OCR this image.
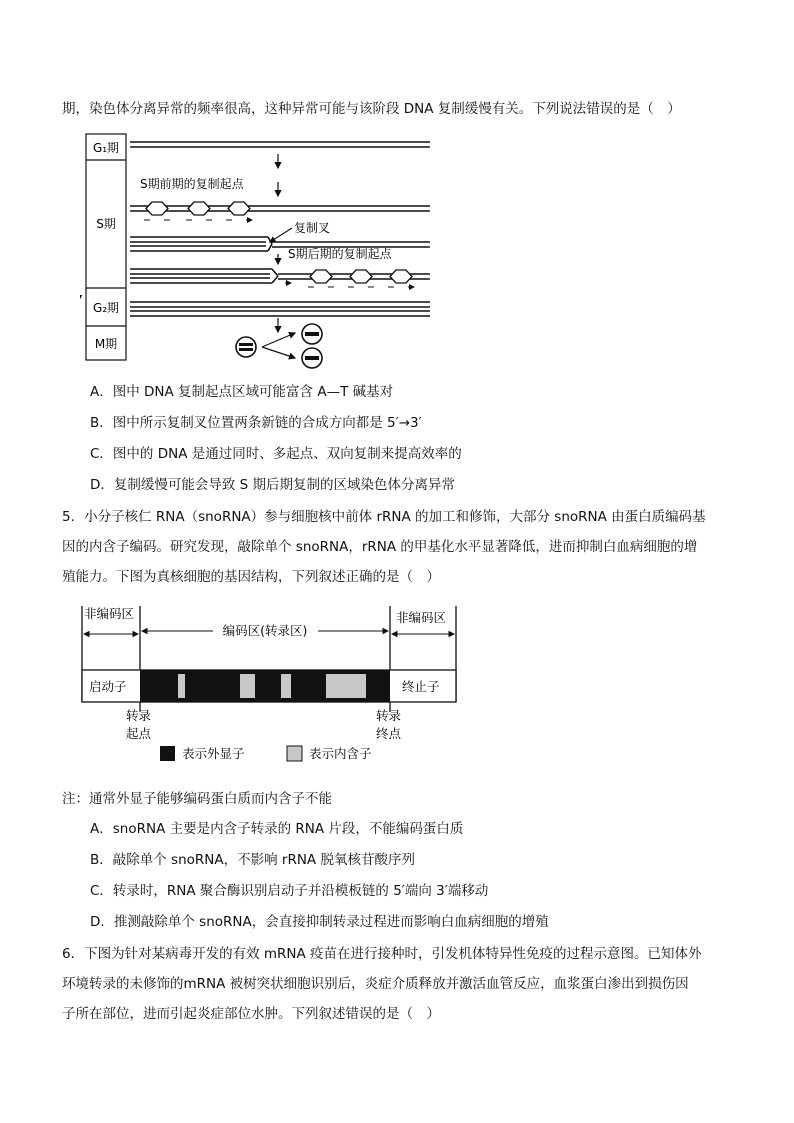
期，染色体分离异常的频率很高，这种异常可能与该阶段 DNA 复制缓慢有关。下列说法错误的是（　）
G₁期
S期
G₂期
M期
S期前期的复制起点
复制叉
S期后期的复制起点
A．图中 DNA 复制起点区域可能富含 A—T 碱基对
B．图中所示复制叉位置两条新链的合成方向都是 5′→3′
C．图中的 DNA 是通过同时、多起点、双向复制来提高效率的
D．复制缓慢可能会导致 S 期后期复制的区域染色体分离异常
5．小分子核仁 RNA（snoRNA）参与细胞核中前体 rRNA 的加工和修饰，大部分 snoRNA 由蛋白质编码基
因的内含子编码。研究发现，敲除单个 snoRNA，rRNA 的甲基化水平显著降低，进而抑制白血病细胞的增
殖能力。下图为真核细胞的基因结构，下列叙述正确的是（　）
非编码区	非编码区
编码区(转录区)
启动子	终止子
转录
起点
转录
终点
表示外显子	表示内含子
注：通常外显子能够编码蛋白质而内含子不能
A．snoRNA 主要是内含子转录的 RNA 片段，不能编码蛋白质
B．敲除单个 snoRNA，不影响 rRNA 脱氧核苷酸序列
C．转录时，RNA 聚合酶识别启动子并沿模板链的 5′端向 3′端移动
D．推测敲除单个 snoRNA，会直接抑制转录过程进而影响白血病细胞的增殖
6．下图为针对某病毒开发的有效 mRNA 疫苗在进行接种时，引发机体特异性免疫的过程示意图。已知体外
环境转录的未修饰的mRNA 被树突状细胞识别后，炎症介质释放并激活血管反应，血浆蛋白渗出到损伤因
子所在部位，进而引起炎症部位水肿。下列叙述错误的是（　）
